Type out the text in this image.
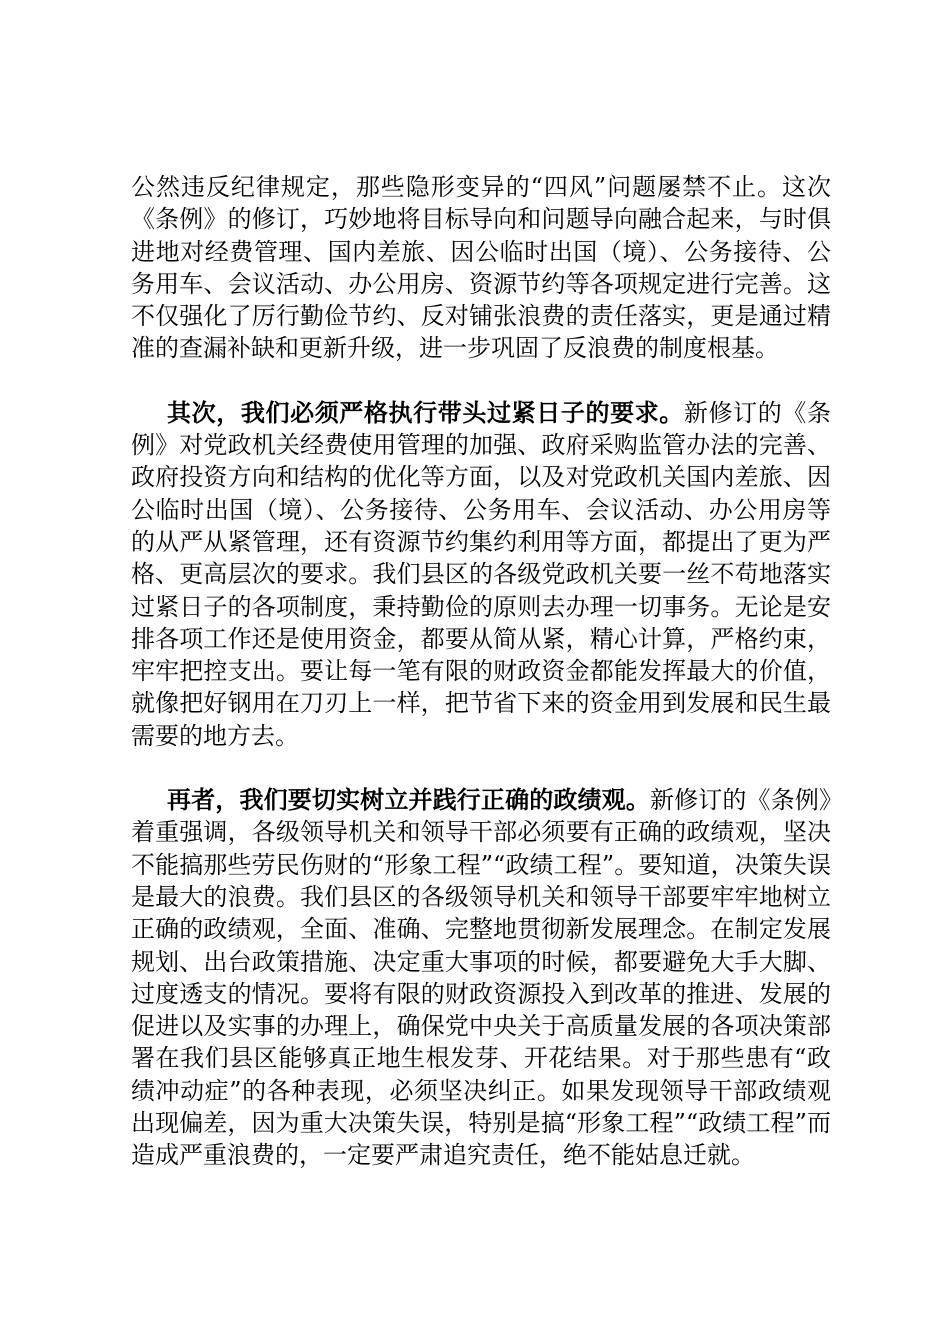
公然违反纪律规定，那些隐形变异的“四风”问题屡禁不止。这次《条例》的修订，巧妙地将目标导向和问题导向融合起来，与时俱进地对经费管理、国内差旅、因公临时出国（境）、公务接待、公务用车、会议活动、办公用房、资源节约等各项规定进行完善。这不仅强化了厉行勤俭节约、反对铺张浪费的责任落实，更是通过精准的查漏补缺和更新升级，进一步巩固了反浪费的制度根基。

其次，我们必须严格执行带头过紧日子的要求。新修订的《条例》对党政机关经费使用管理的加强、政府采购监管办法的完善、政府投资方向和结构的优化等方面，以及对党政机关国内差旅、因公临时出国（境）、公务接待、公务用车、会议活动、办公用房等的从严从紧管理，还有资源节约集约利用等方面，都提出了更为严格、更高层次的要求。我们县区的各级党政机关要一丝不苟地落实过紧日子的各项制度，秉持勤俭的原则去办理一切事务。无论是安排各项工作还是使用资金，都要从简从紧，精心计算，严格约束，牢牢把控支出。要让每一笔有限的财政资金都能发挥最大的价值，就像把好钢用在刀刃上一样，把节省下来的资金用到发展和民生最需要的地方去。

再者，我们要切实树立并践行正确的政绩观。新修订的《条例》着重强调，各级领导机关和领导干部必须要有正确的政绩观，坚决不能搞那些劳民伤财的“形象工程”“政绩工程”。要知道，决策失误是最大的浪费。我们县区的各级领导机关和领导干部要牢牢地树立正确的政绩观，全面、准确、完整地贯彻新发展理念。在制定发展规划、出台政策措施、决定重大事项的时候，都要避免大手大脚、过度透支的情况。要将有限的财政资源投入到改革的推进、发展的促进以及实事的办理上，确保党中央关于高质量发展的各项决策部署在我们县区能够真正地生根发芽、开花结果。对于那些患有“政绩冲动症”的各种表现，必须坚决纠正。如果发现领导干部政绩观出现偏差，因为重大决策失误，特别是搞“形象工程”“政绩工程”而造成严重浪费的，一定要严肃追究责任，绝不能姑息迁就。
